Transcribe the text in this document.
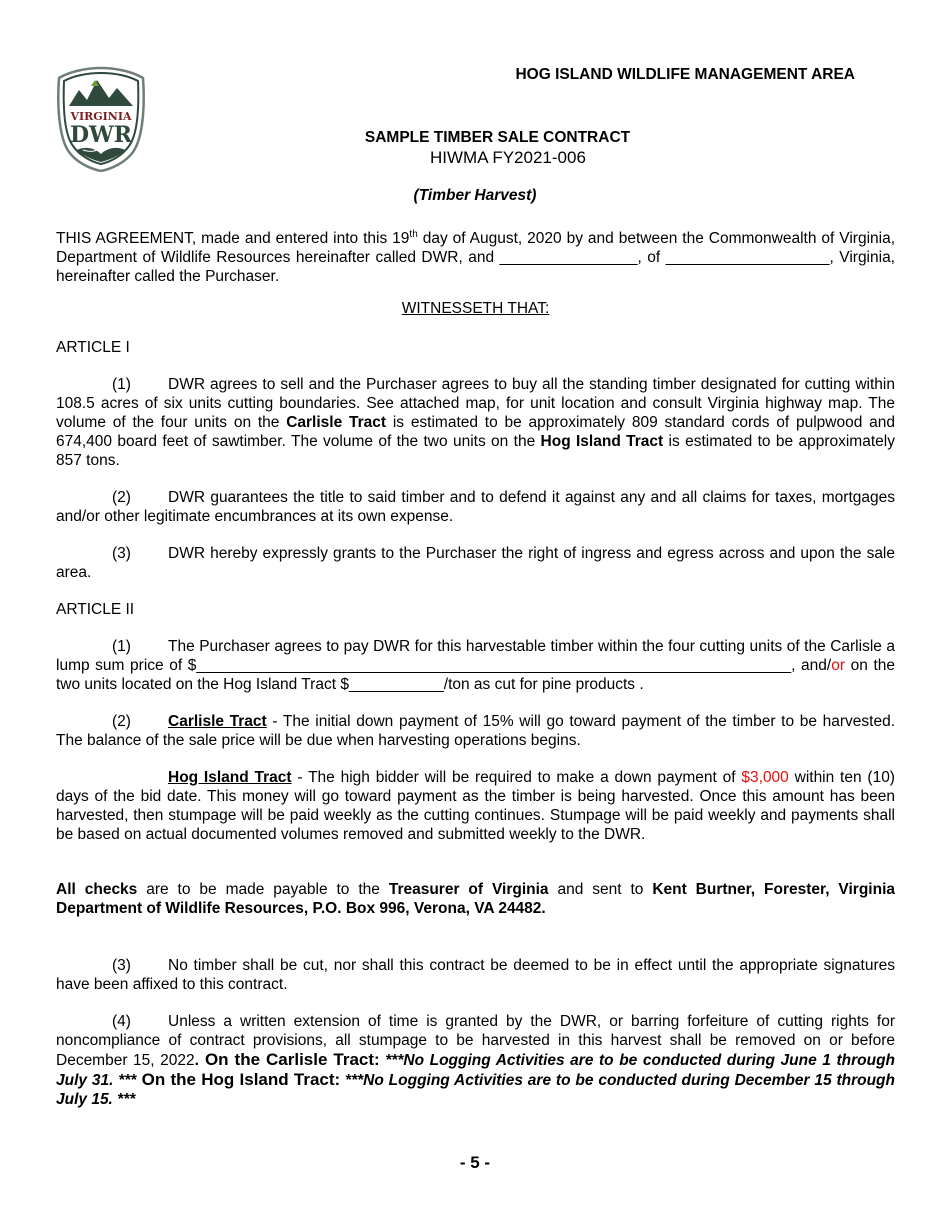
VIRGINIA
DWR
HOG ISLAND WILDLIFE MANAGEMENT AREA
SAMPLE TIMBER SALE CONTRACT
HIWMA FY2021-006
(Timber Harvest)
THIS AGREEMENT, made and entered into this 19th day of August, 2020 by and between the Commonwealth of Virginia, Department of Wildlife Resources hereinafter called DWR, and ________________, of ___________________, Virginia, hereinafter called the Purchaser.
WITNESSETH THAT:
ARTICLE I
(1) DWR agrees to sell and the Purchaser agrees to buy all the standing timber designated for cutting within 108.5 acres of six units cutting boundaries. See attached map, for unit location and consult Virginia highway map. The volume of the four units on the Carlisle Tract is estimated to be approximately 809 standard cords of pulpwood and 674,400 board feet of sawtimber. The volume of the two units on the Hog Island Tract is estimated to be approximately 857 tons.
(2) DWR guarantees the title to said timber and to defend it against any and all claims for taxes, mortgages and/or other legitimate encumbrances at its own expense.
(3) DWR hereby expressly grants to the Purchaser the right of ingress and egress across and upon the sale area.
ARTICLE II
(1) The Purchaser agrees to pay DWR for this harvestable timber within the four cutting units of the Carlisle a lump sum price of $_____________________________________________________________________, and/or on the two units located on the Hog Island Tract $___________/ton as cut for pine products .
(2) Carlisle Tract - The initial down payment of 15% will go toward payment of the timber to be harvested. The balance of the sale price will be due when harvesting operations begins.
Hog Island Tract - The high bidder will be required to make a down payment of $3,000 within ten (10) days of the bid date. This money will go toward payment as the timber is being harvested. Once this amount has been harvested, then stumpage will be paid weekly as the cutting continues. Stumpage will be paid weekly and payments shall be based on actual documented volumes removed and submitted weekly to the DWR.
All checks are to be made payable to the Treasurer of Virginia and sent to Kent Burtner, Forester, Virginia Department of Wildlife Resources, P.O. Box 996, Verona, VA 24482.
(3) No timber shall be cut, nor shall this contract be deemed to be in effect until the appropriate signatures have been affixed to this contract.
(4) Unless a written extension of time is granted by the DWR, or barring forfeiture of cutting rights for noncompliance of contract provisions, all stumpage to be harvested in this harvest shall be removed on or before December 15, 2022. On the Carlisle Tract: ***No Logging Activities are to be conducted during June 1 through July 31. *** On the Hog Island Tract: ***No Logging Activities are to be conducted during December 15 through July 15. ***
- 5 -
